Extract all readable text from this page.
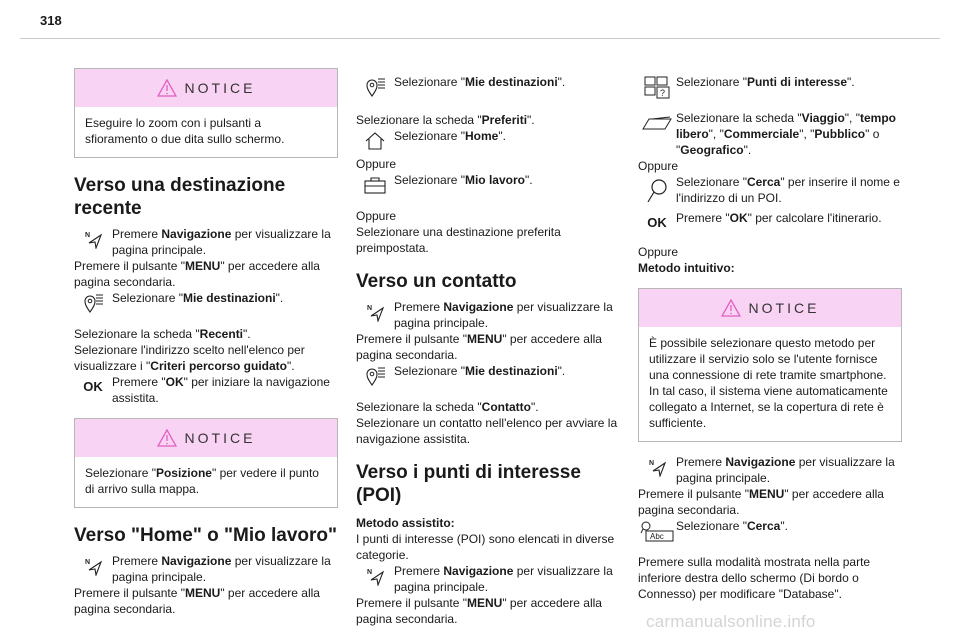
318
NOTICE
Eseguire lo zoom con i pulsanti a sfioramento o due dita sullo schermo.
Verso una destinazione recente
N Premere Navigazione per visualizzare la pagina principale.
Premere il pulsante "MENU" per accedere alla pagina secondaria.
Selezionare "Mie destinazioni".
Selezionare la scheda "Recenti".
Selezionare l'indirizzo scelto nell'elenco per visualizzare i "Criteri percorso guidato".
OK Premere "OK" per iniziare la navigazione assistita.
NOTICE
Selezionare "Posizione" per vedere il punto di arrivo sulla mappa.
Verso "Home" o "Mio lavoro"
N Premere Navigazione per visualizzare la pagina principale.
Premere il pulsante "MENU" per accedere alla pagina secondaria.
Selezionare "Mie destinazioni".
Selezionare la scheda "Preferiti".
Selezionare "Home".
Oppure
Selezionare "Mio lavoro".
Oppure
Selezionare una destinazione preferita preimpostata.
Verso un contatto
N Premere Navigazione per visualizzare la pagina principale.
Premere il pulsante "MENU" per accedere alla pagina secondaria.
Selezionare "Mie destinazioni".
Selezionare la scheda "Contatto".
Selezionare un contatto nell'elenco per avviare la navigazione assistita.
Verso i punti di interesse (POI)
Metodo assistito:
I punti di interesse (POI) sono elencati in diverse categorie.
N Premere Navigazione per visualizzare la pagina principale.
Premere il pulsante "MENU" per accedere alla pagina secondaria.
?
Selezionare "Punti di interesse".
Selezionare la scheda "Viaggio", "tempo libero", "Commerciale", "Pubblico" o "Geografico".
Oppure
Selezionare "Cerca" per inserire il nome e l'indirizzo di un POI.
OK Premere "OK" per calcolare l'itinerario.
Oppure
Metodo intuitivo:
NOTICE
È possibile selezionare questo metodo per utilizzare il servizio solo se l'utente fornisce una connessione di rete tramite smartphone. In tal caso, il sistema viene automaticamente collegato a Internet, se la copertura di rete è sufficiente.
N Premere Navigazione per visualizzare la pagina principale.
Premere il pulsante "MENU" per accedere alla pagina secondaria.
Abc
Selezionare "Cerca".
Premere sulla modalità mostrata nella parte inferiore destra dello schermo (Di bordo o Connesso) per modificare "Database".
carmanualsonline.info
